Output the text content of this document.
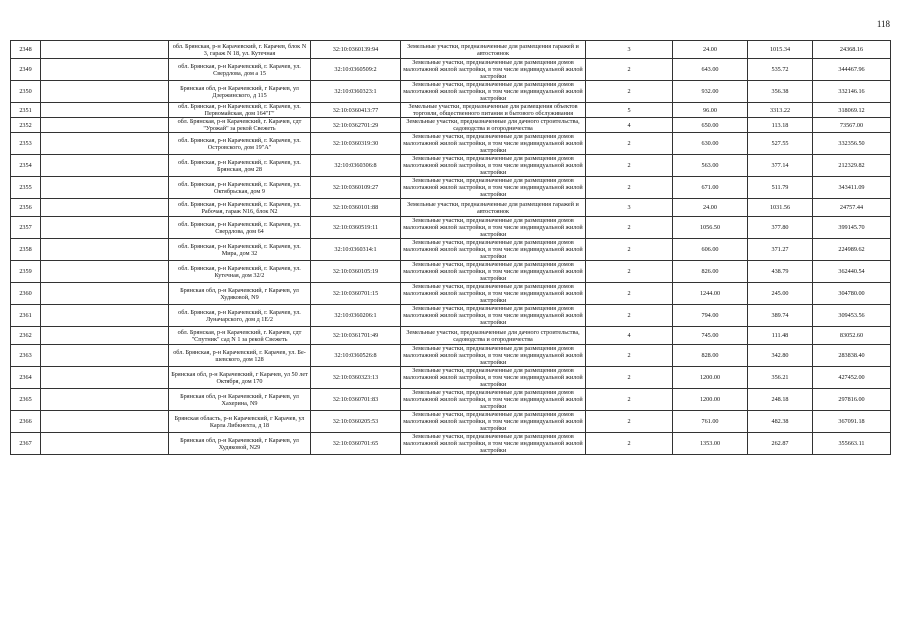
118
2348		обл. Брянская, р-н Карачевский, г. Карачев, блок N 3, гараж N 18, ул. Кутечная	32:10:0360139:94	Земельные участки, предназначенные для размещения гаражей и автостоянок	3	24.00	1015.34	24368.16
2349		обл. Брянская, р-н Карачевский, г. Карачев, ул. Свердлова, дом а 15	32:10:0360509:2	Земельные участки, предназначенные для размещения домов малоэтажной жилой застройки, в том числе индивидуальной жилой застройки	2	643.00	535.72	344467.96
2350		Брянская обл, р-н Карачевский, г Карачев, ул Дзержинского, д 115	32:10:0360323:1	Земельные участки, предназначенные для размещения домов малоэтажной жилой застройки, в том числе индивидуальной жилой застройки	2	932.00	356.38	332146.16
2351		обл. Брянская, р-н Карачевский, г. Карачев, ул. Первомайская, дом 164"Г"	32:10:0360413:77	Земельные участки, предназначенные для размещения объектов торговли, общественного питания и бытового обслуживания	5	96.00	3313.22	318069.12
2352		обл. Брянская, р-н Карачевский, г. Карачев, сдт "Урожай" за рекой Свежеть	32:10:0362701:29	Земельные участки, предназначенные для дачного строительства, садоводства и огородничества	4	650.00	113.18	73567.00
2353		обл. Брянская, р-н Карачевский, г. Карачев, ул. Островского, дом 19"А"	32:10:0360319:30	Земельные участки, предназначенные для размещения домов малоэтажной жилой застройки, в том числе индивидуальной жилой застройки	2	630.00	527.55	332356.50
2354		обл. Брянская, р-н Карачевский, г. Карачев, ул. Брянская, дом 28	32:10:0360306:8	Земельные участки, предназначенные для размещения домов малоэтажной жилой застройки, в том числе индивидуальной жилой застройки	2	563.00	377.14	212329.82
2355		обл. Брянская, р-н Карачевский, г. Карачев, ул. Октябрьская, дом 9	32:10:0360109:27	Земельные участки, предназначенные для размещения домов малоэтажной жилой застройки, в том числе индивидуальной жилой застройки	2	671.00	511.79	343411.09
2356		обл. Брянская, р-н Карачевский, г. Карачев, ул. Рабочая, гараж N16, блок N2	32:10:0360101:88	Земельные участки, предназначенные для размещения гаражей и автостоянок	3	24.00	1031.56	24757.44
2357		обл. Брянская, р-н Карачевский, г. Карачев, ул. Свердлова, дом 64	32:10:0360519:11	Земельные участки, предназначенные для размещения домов малоэтажной жилой застройки, в том числе индивидуальной жилой застройки	2	1056.50	377.80	399145.70
2358		обл. Брянская, р-н Карачевский, г. Карачев, ул. Мира, дом 32	32:10:0360314:1	Земельные участки, предназначенные для размещения домов малоэтажной жилой застройки, в том числе индивидуальной жилой застройки	2	606.00	371.27	224989.62
2359		обл. Брянская, р-н Карачевский, г. Карачев, ул. Кутечная, дом 32/2	32:10:0360105:19	Земельные участки, предназначенные для размещения домов малоэтажной жилой застройки, в том числе индивидуальной жилой застройки	2	826.00	438.79	362440.54
2360		Брянская обл, р-н Карачевский, г Карачев, ул Худяковой, N9	32:10:0360701:15	Земельные участки, предназначенные для размещения домов малоэтажной жилой застройки, в том числе индивидуальной жилой застройки	2	1244.00	245.00	304780.00
2361		обл. Брянская, р-н Карачевский, г. Карачев, ул. Луначарского, дом д 1Е/2	32:10:0360206:1	Земельные участки, предназначенные для размещения домов малоэтажной жилой застройки, в том числе индивидуальной жилой застройки	2	794.00	389.74	309453.56
2362		обл. Брянская, р-н Карачевский, г. Карачев, сдт "Спутник" сад N 1 за рекой Свежеть	32:10:0361701:49	Земельные участки, предназначенные для дачного строительства, садоводства и огородничества	4	745.00	111.48	83052.60
2363		обл. Брянская, р-н Карачевский, г. Карачев, ул. Бе-шевского, дом 128	32:10:0360526:8	Земельные участки, предназначенные для размещения домов малоэтажной жилой застройки, в том числе индивидуальной жилой застройки	2	828.00	342.80	283838.40
2364		Брянская обл, р-н Карачевский, г Карачев, ул 50 лет Октября, дом 170	32:10:0360323:13	Земельные участки, предназначенные для размещения домов малоэтажной жилой застройки, в том числе индивидуальной жилой застройки	2	1200.00	356.21	427452.00
2365		Брянская обл, р-н Карачевский, г Карачев, ул Хахерина, N9	32:10:0360701:83	Земельные участки, предназначенные для размещения домов малоэтажной жилой застройки, в том числе индивидуальной жилой застройки	2	1200.00	248.18	297816.00
2366		Брянская область, р-н Карачевский, г Карачев, ул Карла Либкнехта, д 18	32:10:0360205:53	Земельные участки, предназначенные для размещения домов малоэтажной жилой застройки, в том числе индивидуальной жилой застройки	2	761.00	482.38	367091.18
2367		Брянская обл, р-н Карачевский, г Карачев, ул Худяковой, N29	32:10:0360701:65	Земельные участки, предназначенные для размещения домов малоэтажной жилой застройки, в том числе индивидуальной жилой застройки	2	1353.00	262.87	355663.11
